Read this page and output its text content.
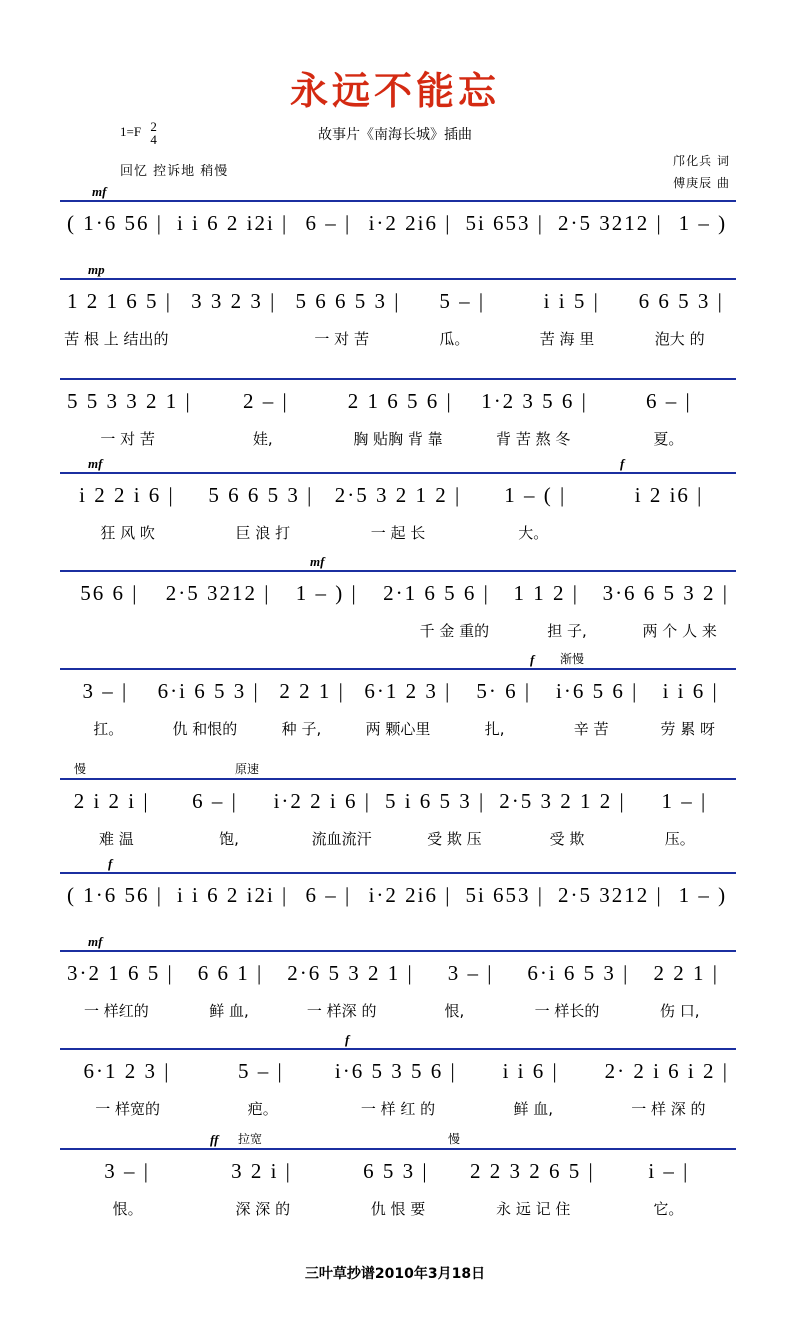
永远不能忘
故事片《南海长城》插曲
1=F 2
4
回忆 控诉地 稍慢
邝化兵 词
傅庚辰 曲
( 1·6 56 | i i 6 2 i2i | 6 – | i·2 2i6 | 5i 653 | 2·5 3212 | 1 – )
mf
1 2 1 6 5 | 3 3 2 3 | 5 6 6 5 3 |	5 – |	i i 5 |	6 6 5 3 |
苦 根 上 结出的	一 对 苦	瓜。	苦 海 里	泡大 的
mp
5 5 3 3 2 1 |	2 – |	2 1 6 5 6 |	1·2 3 5 6 |	6 – |
一 对 苦	娃,	胸 贴胸 背 靠	背 苦 熬 冬	夏。
i 2 2 i 6 |	5 6 6 5 3 |	2·5 3 2 1 2 |	1 – ( |	i 2 i6 |
狂 风 吹	巨 浪 打	一 起 长	大。
mf	f
56 6 |	2·5 3212 |	1 – ) |	2·1 6 5 6 |	1 1 2 |	3·6 6 5 3 2 |
千 金 重的	担 子,	两 个 人 来
mf
3 – |	6·i 6 5 3 | 2 2 1 | 6·1 2 3 |	5· 6 |	i·6 5 6 |	i i 6 |
扛。	仇 和恨的	种 子,	两 颗心里	扎,	辛 苦	劳 累 呀
f 渐慢
2 i 2 i |	6 – |	i·2 2 i 6 | 5 i 6 5 3 | 2·5 3 2 1 2 |	1 – |
难 温	饱,	流血流汗	受 欺 压	受 欺	压。
慢	原速
( 1·6 56 | i i 6 2 i2i | 6 – | i·2 2i6 | 5i 653 | 2·5 3212 | 1 – )
f
3·2 1 6 5 |	6 6 1 |	2·6 5 3 2 1 |	3 – |	6·i 6 5 3 |	2 2 1 |
一 样红的	鲜 血,	一 样深 的	恨,	一 样长的	伤 口,
mf
6·1 2 3 |	5 – |	i·6 5 3 5 6 |	i i 6 |	2· 2 i 6 i 2 |
一 样宽的	疤。	一 样 红 的	鲜 血,	一 样 深 的
f
3 – |	3 2 i |	6 5 3 |	2 2 3 2 6 5 |	i – |
恨。	深 深 的	仇 恨 要	永 远 记 住	它。
ff 拉宽	慢
三叶草抄谱2010年3月18日
